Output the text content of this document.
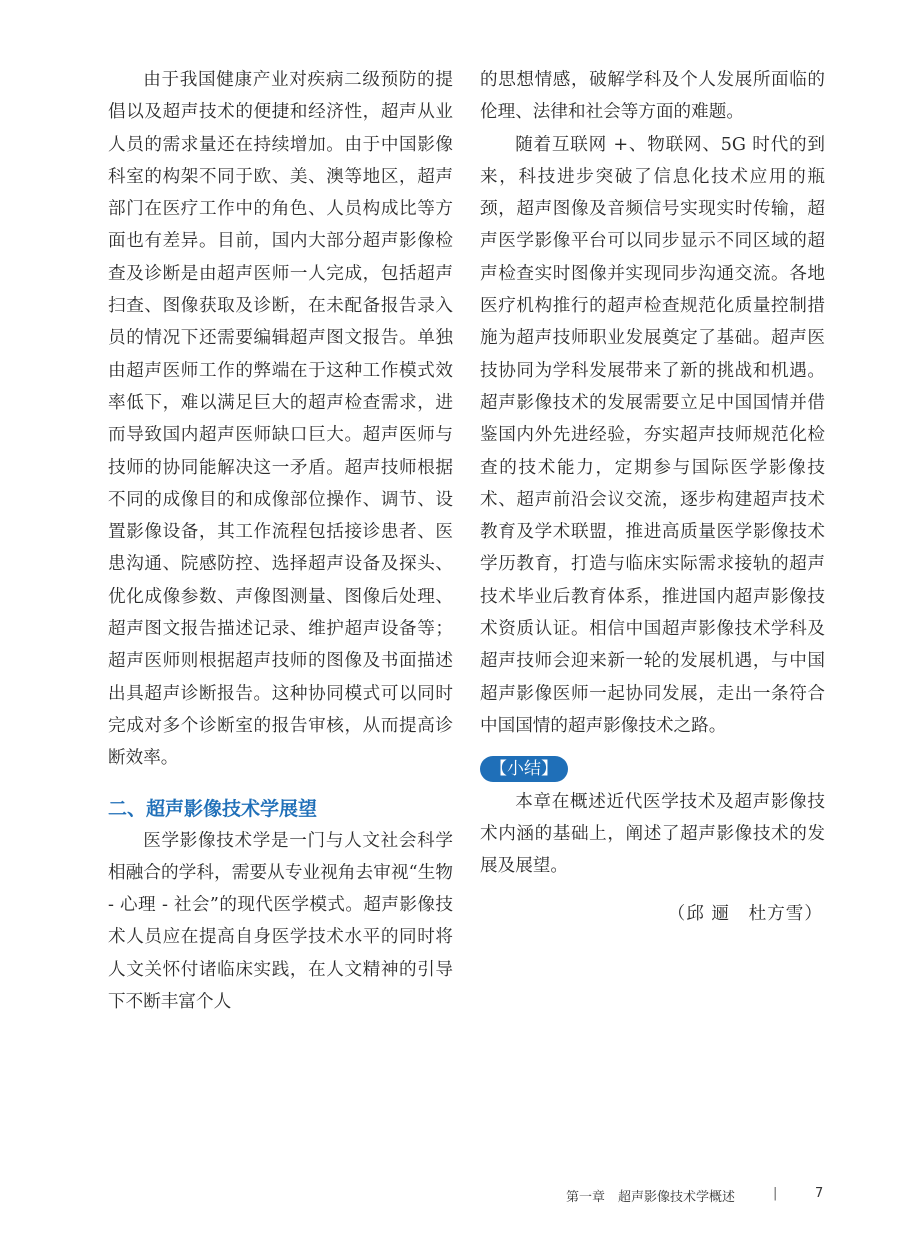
由于我国健康产业对疾病二级预防的提倡以及超声技术的便捷和经济性，超声从业人员的需求量还在持续增加。由于中国影像科室的构架不同于欧、美、澳等地区，超声部门在医疗工作中的角色、人员构成比等方面也有差异。目前，国内大部分超声影像检查及诊断是由超声医师一人完成，包括超声扫查、图像获取及诊断，在未配备报告录入员的情况下还需要编辑超声图文报告。单独由超声医师工作的弊端在于这种工作模式效率低下，难以满足巨大的超声检查需求，进而导致国内超声医师缺口巨大。超声医师与技师的协同能解决这一矛盾。超声技师根据不同的成像目的和成像部位操作、调节、设置影像设备，其工作流程包括接诊患者、医患沟通、院感防控、选择超声设备及探头、优化成像参数、声像图测量、图像后处理、超声图文报告描述记录、维护超声设备等；超声医师则根据超声技师的图像及书面描述出具超声诊断报告。这种协同模式可以同时完成对多个诊断室的报告审核，从而提高诊断效率。

二、超声影像技术学展望

医学影像技术学是一门与人文社会科学相融合的学科，需要从专业视角去审视“生物 - 心理 - 社会”的现代医学模式。超声影像技术人员应在提高自身医学技术水平的同时将人文关怀付诸临床实践，在人文精神的引导下不断丰富个人

的思想情感，破解学科及个人发展所面临的伦理、法律和社会等方面的难题。

随着互联网 +、物联网、5G 时代的到来，科技进步突破了信息化技术应用的瓶颈，超声图像及音频信号实现实时传输，超声医学影像平台可以同步显示不同区域的超声检查实时图像并实现同步沟通交流。各地医疗机构推行的超声检查规范化质量控制措施为超声技师职业发展奠定了基础。超声医技协同为学科发展带来了新的挑战和机遇。超声影像技术的发展需要立足中国国情并借鉴国内外先进经验，夯实超声技师规范化检查的技术能力，定期参与国际医学影像技术、超声前沿会议交流，逐步构建超声技术教育及学术联盟，推进高质量医学影像技术学历教育，打造与临床实际需求接轨的超声技术毕业后教育体系，推进国内超声影像技术资质认证。相信中国超声影像技术学科及超声技师会迎来新一轮的发展机遇，与中国超声影像医师一起协同发展，走出一条符合中国国情的超声影像技术之路。

【小结】

本章在概述近代医学技术及超声影像技术内涵的基础上，阐述了超声影像技术的发展及展望。

（邱 逦　杜方雪）

第一章　超声影像技术学概述	|	7
